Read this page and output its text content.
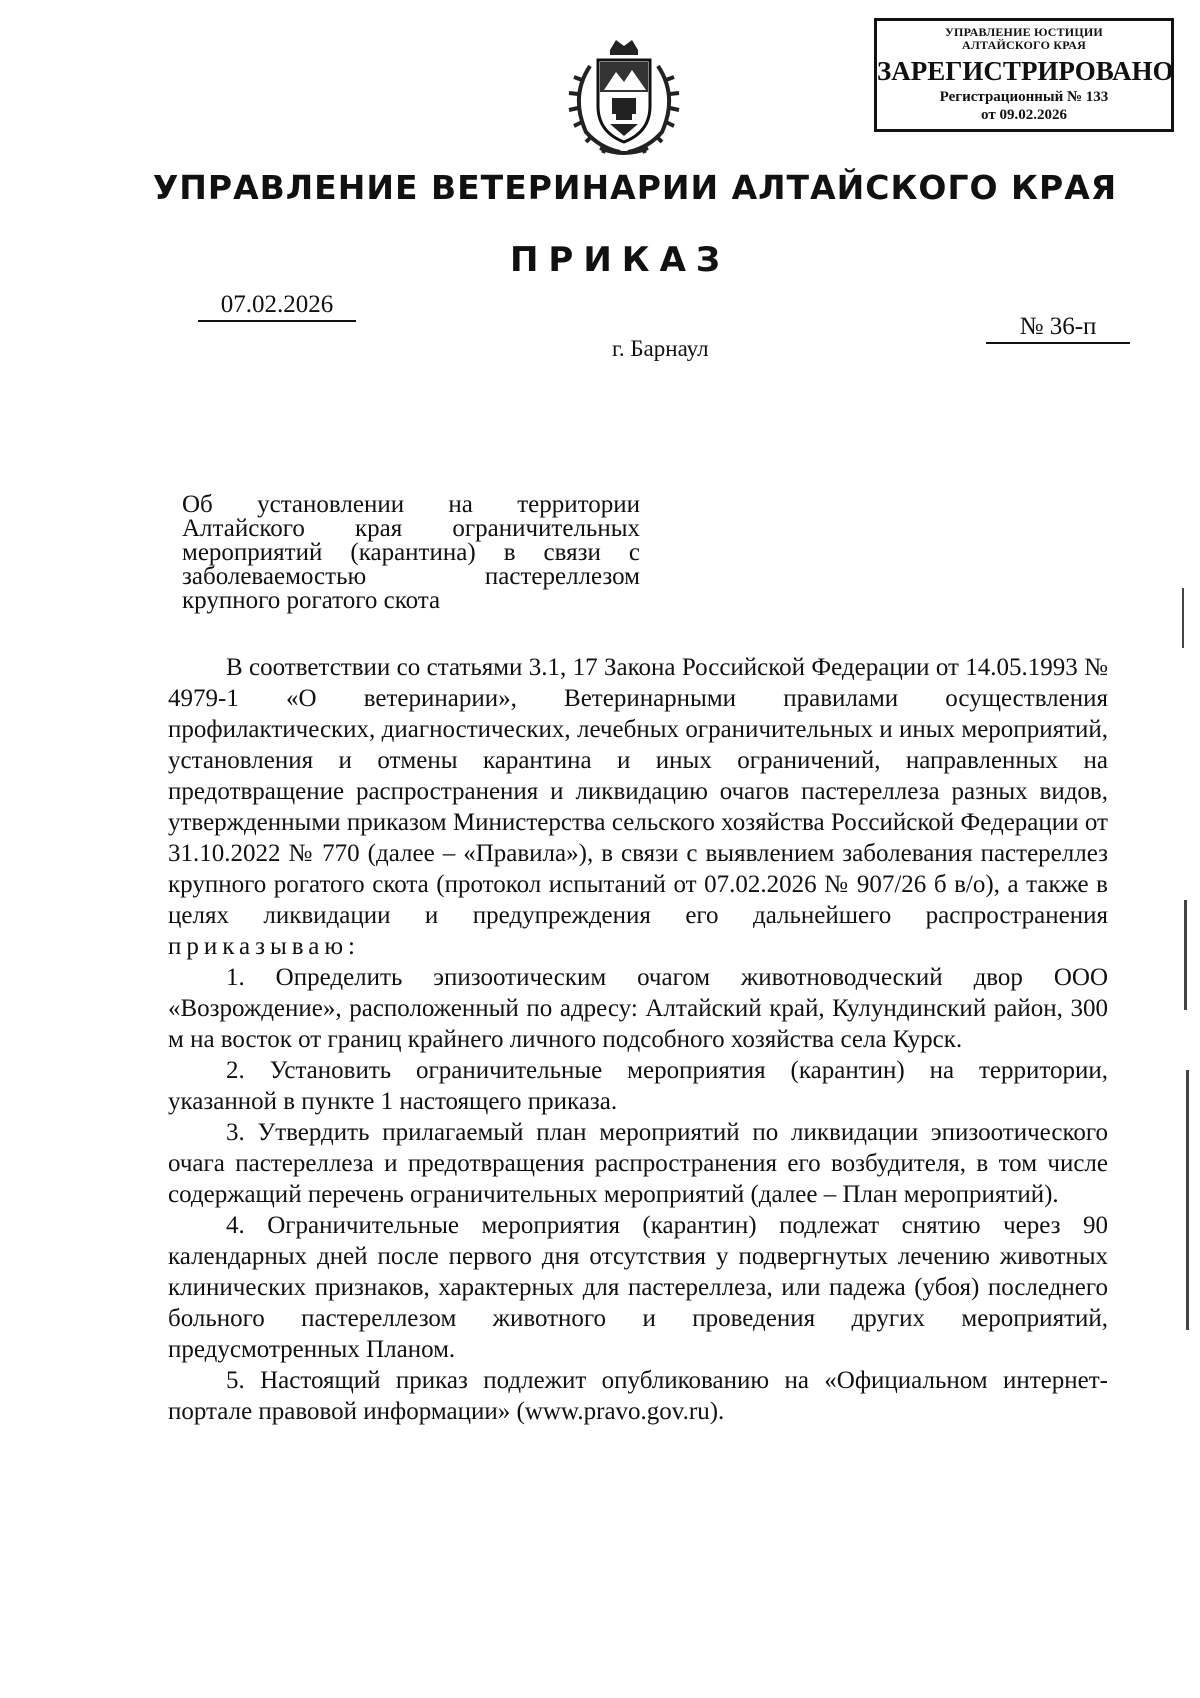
УПРАВЛЕНИЕ ЮСТИЦИИ
АЛТАЙСКОГО КРАЯ
ЗАРЕГИСТРИРОВАНО
Регистрационный № 133
от 09.02.2026
УПРАВЛЕНИЕ ВЕТЕРИНАРИИ АЛТАЙСКОГО КРАЯ
ПРИКАЗ
07.02.2026
№ 36-п
г. Барнаул
Об установлении на территории
Алтайского края ограничительных
мероприятий (карантина) в связи с
заболеваемостью пастереллезом
крупного рогатого скота

В соответствии со статьями 3.1, 17 Закона Российской Федерации от 14.05.1993 № 4979-1 «О ветеринарии», Ветеринарными правилами осуществления профилактических, диагностических, лечебных ограничительных и иных мероприятий, установления и отмены карантина и иных ограничений, направленных на предотвращение распространения и ликвидацию очагов пастереллеза разных видов, утвержденными приказом Министерства сельского хозяйства Российской Федерации от 31.10.2022 № 770 (далее – «Правила»), в связи с выявлением заболевания пастереллез крупного рогатого скота (протокол испытаний от 07.02.2026 № 907/26 б в/о), а также в целях ликвидации и предупреждения его дальнейшего распространения приказываю:

1. Определить эпизоотическим очагом животноводческий двор ООО «Возрождение», расположенный по адресу: Алтайский край, Кулундинский район, 300 м на восток от границ крайнего личного подсобного хозяйства села Курск.

2. Установить ограничительные мероприятия (карантин) на территории, указанной в пункте 1 настоящего приказа.

3. Утвердить прилагаемый план мероприятий по ликвидации эпизоотического очага пастереллеза и предотвращения распространения его возбудителя, в том числе содержащий перечень ограничительных мероприятий (далее – План мероприятий).

4. Ограничительные мероприятия (карантин) подлежат снятию через 90 календарных дней после первого дня отсутствия у подвергнутых лечению животных клинических признаков, характерных для пастереллеза, или падежа (убоя) последнего больного пастереллезом животного и проведения других мероприятий, предусмотренных Планом.

5. Настоящий приказ подлежит опубликованию на «Официальном интернет-портале правовой информации» (www.pravo.gov.ru).
